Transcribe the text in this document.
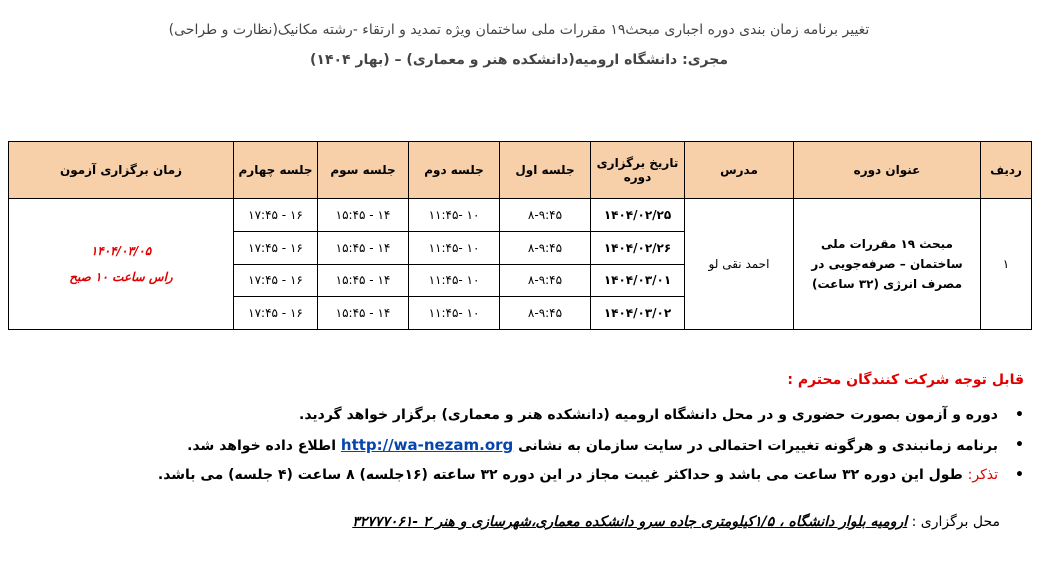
تغییر برنامه زمان بندی دوره اجباری مبحث۱۹ مقررات ملی ساختمان ویژه تمدید و ارتقاء -رشته مکانیک(نظارت و طراحی)
مجری: دانشگاه ارومیه(دانشکده هنر و معماری) – (بهار ۱۴۰۴)
ردیف	عنوان دوره	مدرس	تاریخ برگزاری دوره	جلسه اول	جلسه دوم	جلسه سوم	جلسه چهارم	زمان برگزاری آزمون
۱	مبحث ۱۹ مقررات ملی ساختمان – صرفه‌جویی در مصرف انرژی (۳۲ ساعت)	احمد نقی لو	۱۴۰۴/۰۲/۲۵	۸-۹:۴۵	۱۰ -۱۱:۴۵	۱۴ - ۱۵:۴۵	۱۶ - ۱۷:۴۵	۱۴۰۴/۰۳/۰۵
راس ساعت ۱۰ صبح

			۱۴۰۴/۰۲/۲۶	۸-۹:۴۵	۱۰ -۱۱:۴۵	۱۴ - ۱۵:۴۵	۱۶ - ۱۷:۴۵	
			۱۴۰۴/۰۳/۰۱	۸-۹:۴۵	۱۰ -۱۱:۴۵	۱۴ - ۱۵:۴۵	۱۶ - ۱۷:۴۵	
			۱۴۰۴/۰۳/۰۲	۸-۹:۴۵	۱۰ -۱۱:۴۵	۱۴ - ۱۵:۴۵	۱۶ - ۱۷:۴۵	
قابل توجه شرکت کنندگان محترم :
•
دوره و آزمون بصورت حضوری و در محل دانشگاه ارومیه (دانشکده هنر و معماری) برگزار خواهد گردید.
•
برنامه زمانبندی و هرگونه تغییرات احتمالی در سایت سازمان به نشانی http://wa-nezam.org اطلاع داده خواهد شد.
•
تذکر: طول این دوره ۳۲ ساعت می باشد و حداکثر غیبت مجاز در این دوره ۳۲ ساعته (۱۶جلسه) ۸ ساعت (۴ جلسه) می باشد.
محل برگزاری : ارومیه بلوار دانشگاه ، ۱/۵کیلومتری جاده سرو دانشکده معماری،شهرسازی و هنر ۲ -۳۲۷۷۷۰۶۱
